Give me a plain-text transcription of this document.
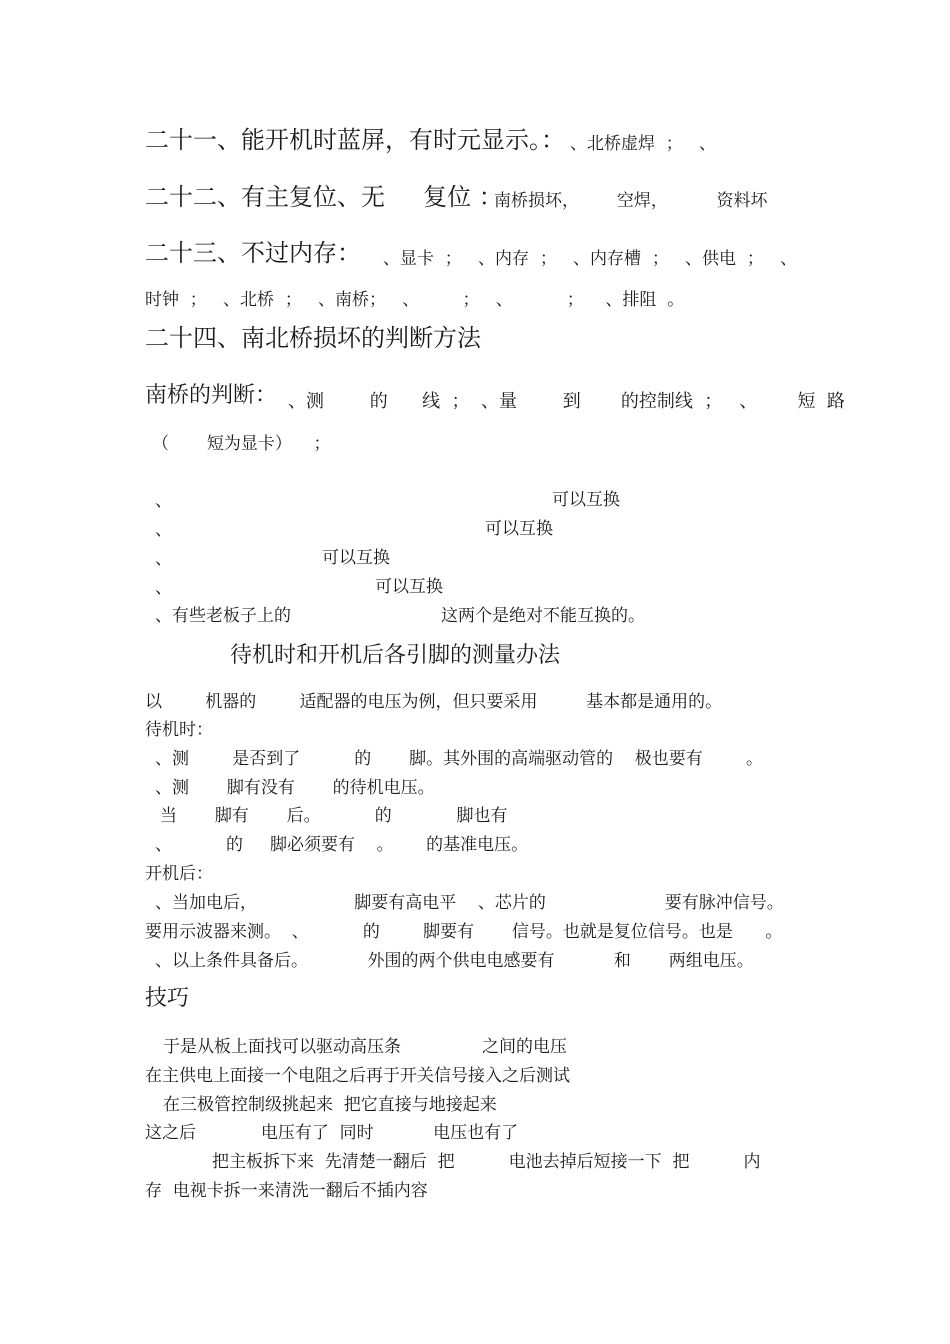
二十一、能开机时蓝屏，有时元显示。： 、北桥虚焊  ；   、
二十二、有主复位、无     复位 ：
南桥损坏，       空焊，         资料坏
二十三、不过内存： 、显卡  ；   、内存  ；   、内存槽  ；   、供电  ；   、
时钟  ；   、北桥  ；   、南桥；   、        ；   、          ；    、排阻  。
二十四、南北桥损坏的判断方法
南桥的判断： 、测        的      线  ；  、量        到       的控制线  ；   、       短  路
（       短为显卡）    ；
、	可以互换
、	可以互换
、	可以互换
、	可以互换
、有些老板子上的	这两个是绝对不能互换的。
待机时和开机后各引脚的测量办法
以        机器的        适配器的电压为例，但只要采用         基本都是通用的。
待机时：
、测        是否到了          的       脚。其外围的高端驱动管的    极也要有        。
、测       脚有没有       的待机电压。
当       脚有       后。          的            脚也有
、          的     脚必须要有    。      的基准电压。
开机后：
、当加电后，                  脚要有高电平    、芯片的                      要有脉冲信号。
要用示波器来测。  、          的        脚要有       信号。也就是复位信号。也是      。
、以上条件具备后。           外围的两个供电电感要有           和       两组电压。
技巧
于是从板上面找可以驱动高压条               之间的电压
在主供电上面接一个电阻之后再于开关信号接入之后测试
在三极管控制级挑起来  把它直接与地接起来
这之后            电压有了  同时           电压也有了
把主板拆下来  先清楚一翻后  把          电池去掉后短接一下  把          内
存  电视卡拆一来清洗一翻后不插内容
